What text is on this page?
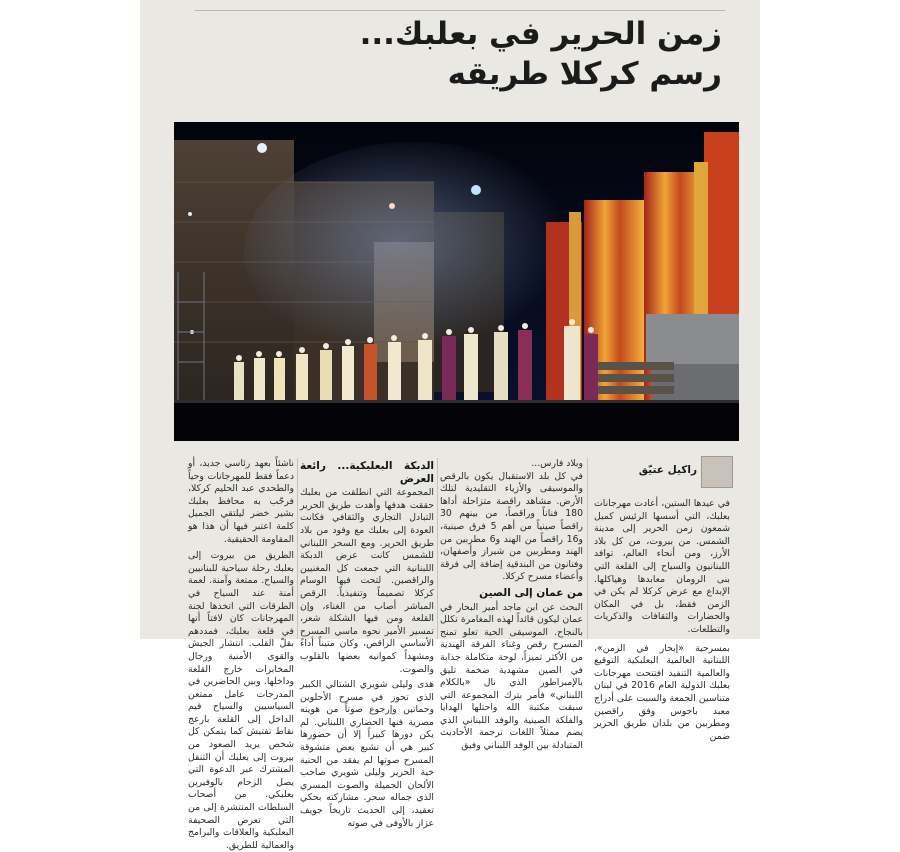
زمن الحرير في بعلبك...
رسم كركلا طريقه
راكيل عتيّق

في عيدها الستين، أعادت مهرجانات بعلبك، التي أسسها الرئيس كميل شمعون زمن الحرير إلى مدينة الشمس. من بيروت، من كل بلاد الأرز، ومن أنحاء العالم، توافد اللبنانيون والسياح إلى القلعة التي بنى الرومان معابدها وهياكلها. الإبداع مع عرض كركلا لم يكن في الزمن فقط، بل في المكان والحضارات والثقافات والذكريات والتطلعات.

بمسرحية «إبحار في الزمن»، اللبنانية العالمية البعلبكية التوقيع والعالمية التنفيذ افتتحت مهرجانات بعلبك الدولية العام 2016 في لبنان متناسين الجمعة والسبت على أدراج معبد باخوس وفق راقصين ومطربين من بلدان طريق الحرير ضمن

وبلاد فارس...

في كل بلد الاستقبال يكون بالرقص والموسيقى والأزياء التقليدية لتلك الأرض. مشاهد راقصة متزاحلة أداها 180 فناناً وراقصاً، من بينهم 30 راقصاً صينياً من أهم 5 فرق صينية، و16 راقصاً من الهند و6 مطربين من الهند ومطربين من شيراز وأصفهان، وفنانون من البندقية إضافة إلى فرقة وأعضاء مسرح كركلا.

من عمان إلى الصين

البحث عن ابن ماجد أمير البحار في عمان ليكون قائداً لهذه المغامرة تكلل بالنجاح. الموسيقى الحية تعلو تمنح المسرح رقص وغناء الفرقة الهندية من الأكثر تميزاً، لوحة متكاملة جذابة في الصين مشهدية ضخمة تليق بالإمبراطور الذي نال «بالكلام اللبناني» فأمر بترك المجموعة التي سبقت مكتبة الله واحتلها الهدايا والفلكة الصينية والوفد اللبناني الذي يضم ممثلاً اللغات ترجمة الأحاديث المتبادلة بين الوفد اللبناني وفيق

الدبكة البعلبكية... رائعة العرض

المجموعة التي انطلقت من بعلبك حققت هدفها وأهدت طريق الحرير التبادل التجاري والثقافي فكانت العودة إلى بعلبك مع وفود من بلاد طريق الحرير. ومع السحر اللبناني للشمس كانت عرض الدبكة اللبنانية التي جمعت كل المغنيين والراقصين. لتحت فيها الوسام كركلا تصميماً وتنفيذياً. الرقص المباشر أصاب من الغناء، وإن القلعة ومن فيها الشكلة شعر، تمسير الأمير نحوه ماسي المسرح الأساسي الراقص، وكان متيناً أداءً ومشهداً كموانيه بعضها بالقلوب والصوت.

هدى وليلى شويري الشتالي الكبير الذي تحوز في مسرح الأحلوين وحماتين وإرجوع صوتاً من هويته مصرية فنها الحضاري اللبناني. لم يكن دورها كبيراً إلا أن حضورها كبير هي أن تشبع بعض متشوقة المسرح صوتها لم يفقد من الحنية خية الحرير وليلى شويري صاحب الألحان الجميلة والصوت المسري الذي جماله سحر. مشاركته بحكي تعقيد، إلى الحديث تاريخاً جويف عزاز بالأوفى في صوته

ناشئاً بعهد رئاسي جديد، أو دعماً فقط للمهرجانات وحياً والطحدي عبد الحليم كركلا، فرحّب به محافظ بعلبك بشير خضر ليلتقي الجميل كلمة اعتبر فيها أن هذا هو المقاومة الحقيقية.

الطريق من بيروت إلى بعلبك رحلة سياحية للبنانيين والسياح. ممتعة وآمنة. لعمة أمنة عند السياح في الطرقات التي اتخذها لجنة المهرجانات كان لافتاً أنها في قلعة بعلبك، فمددهم بقلّ القلب. انتشار الجيش والقوى الأمنية ورجال المخابرات خارج القلعة وداخلها. وبين الحاضرين في المدرجات عامل ممتعن السياسيين والسياح فيم الداخل إلى القلعة بارعج نقاط تفتيش كما يتمكن كل شخص يريد الصعود من بيروت إلى بعلبك أن التنقل المشترك عبر الدعوة التي يصل الزحام بالوفيرين بعلبكي. من أصحاب السلطات المنتشرة إلى من التي تعرض الصحيفة البعلبكية والعلاقات والبرامج والعمالية للطريق.
